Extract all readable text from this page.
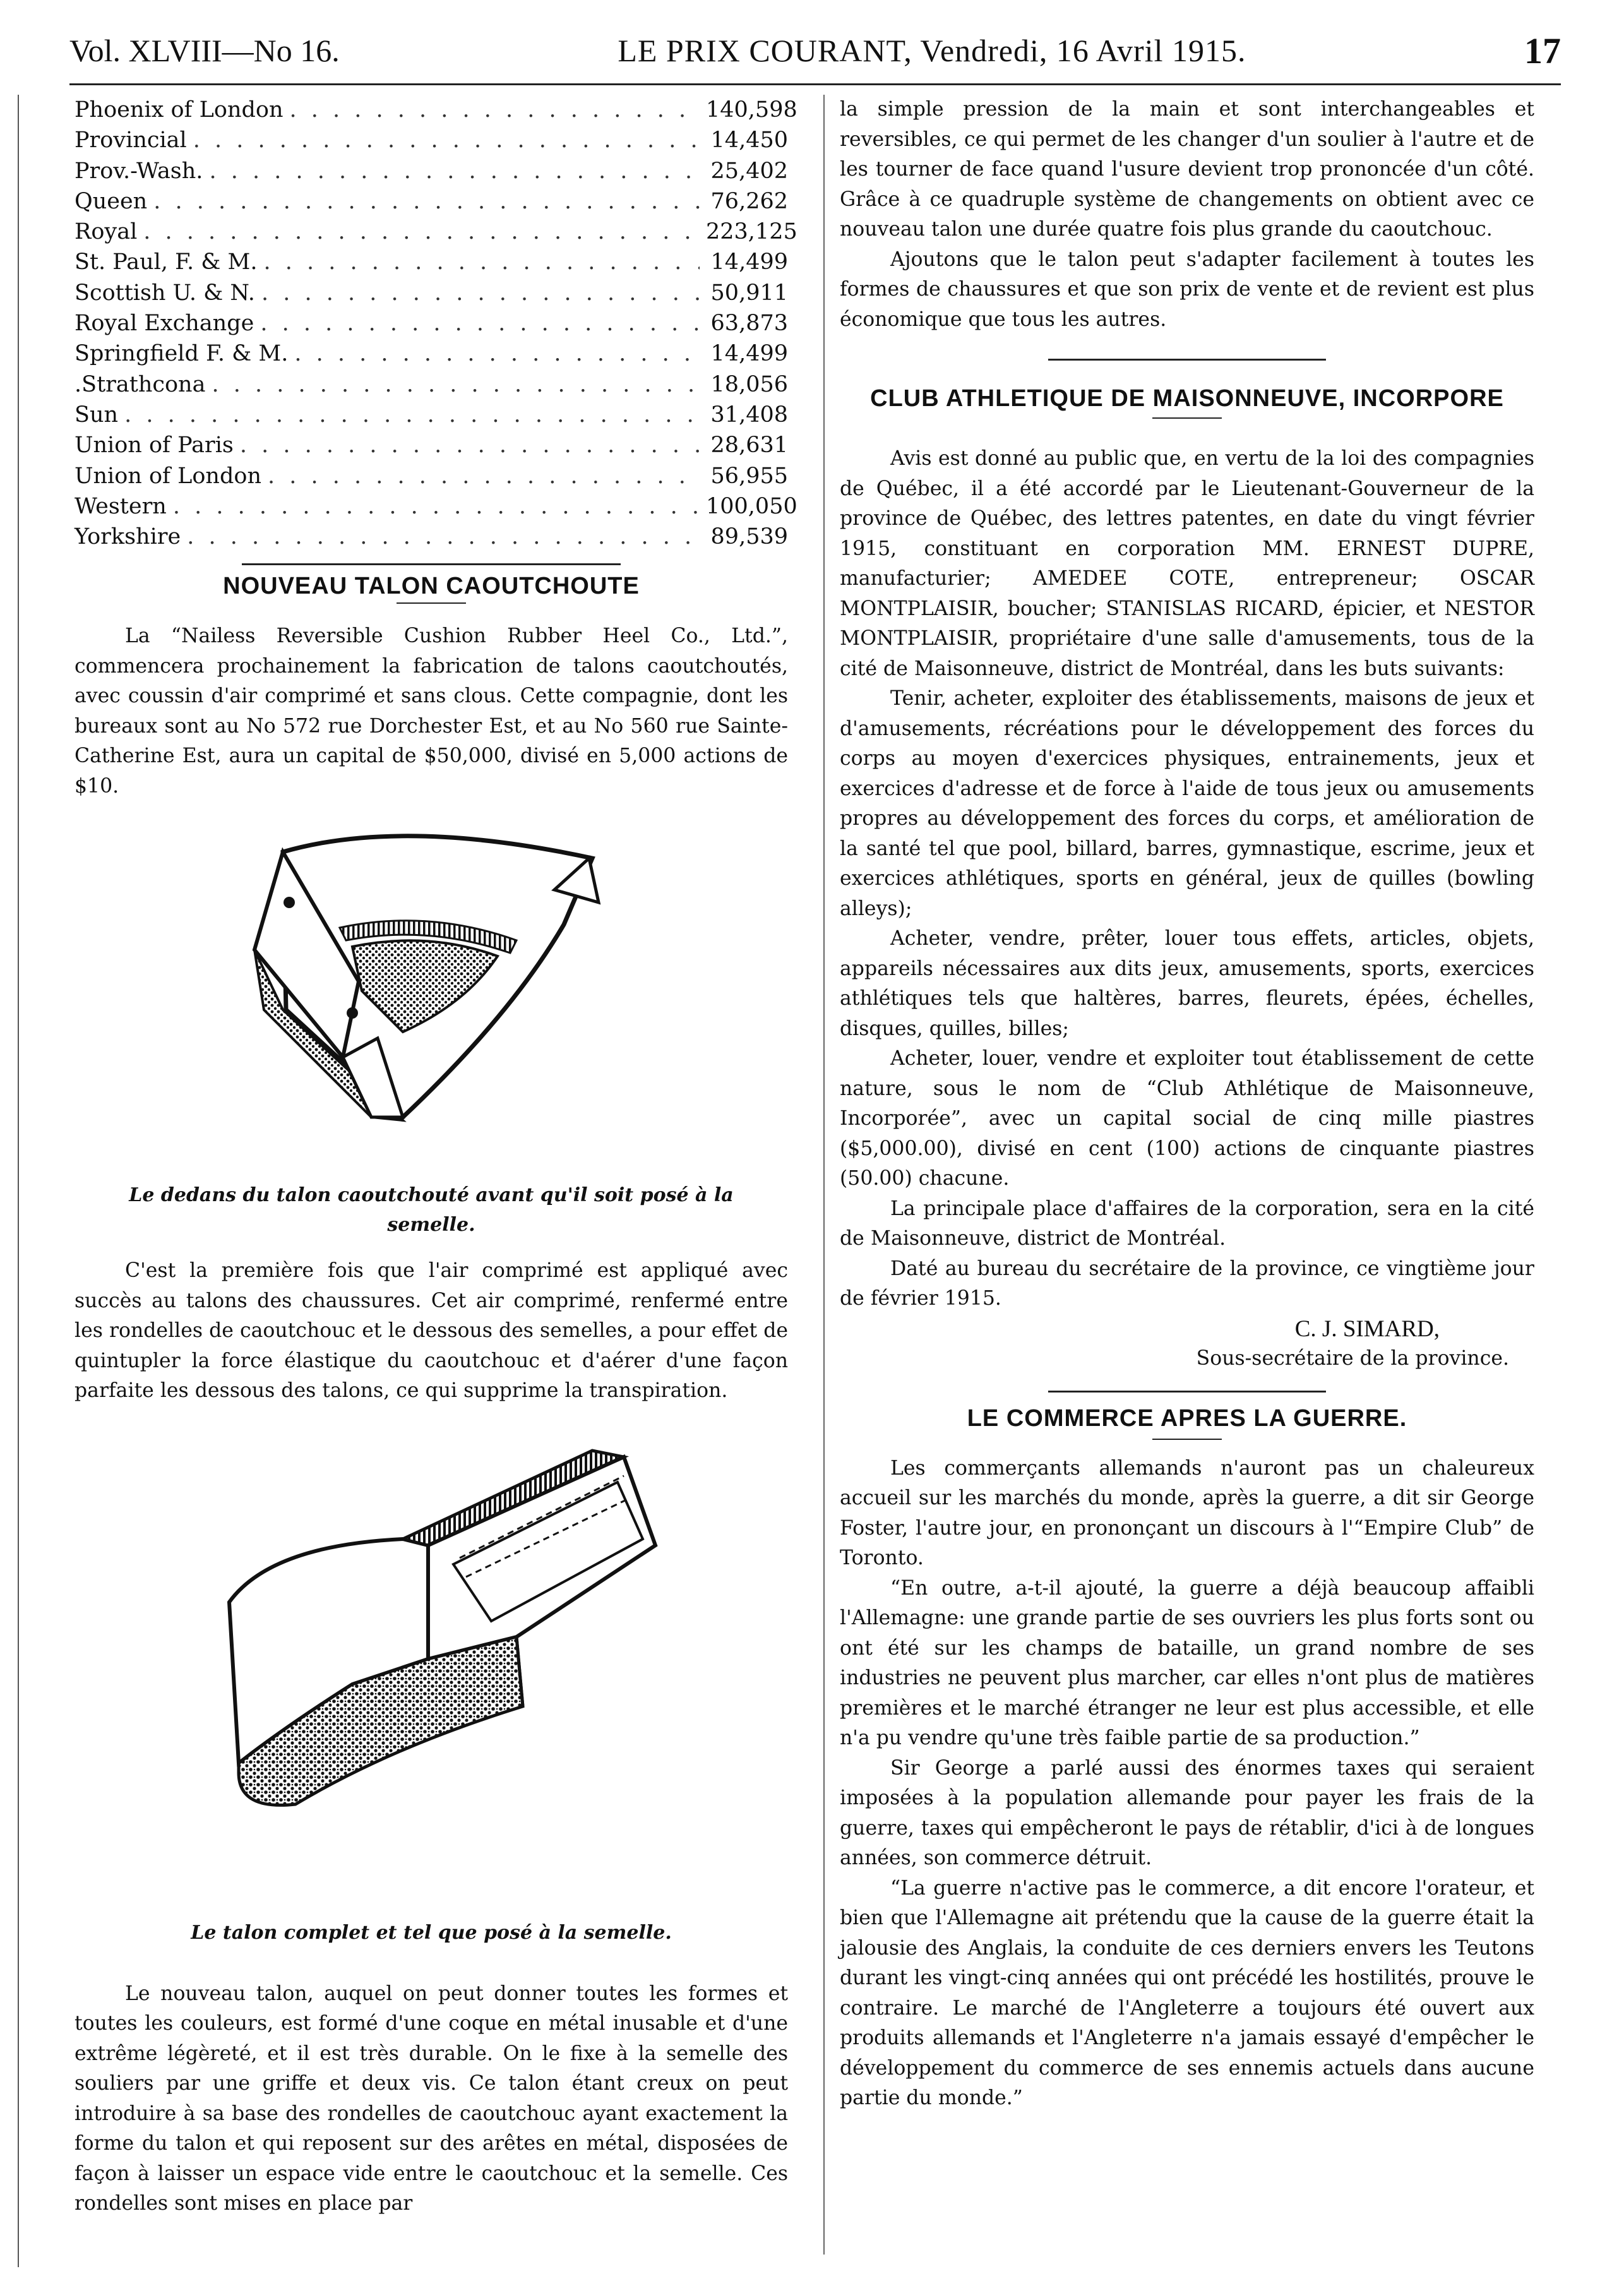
Vol. XLVIII—No 16.	LE PRIX COURANT, Vendredi, 16 Avril 1915.	17
Phoenix of London . . .	140,598
Provincial . . .	14,450
Prov.-Wash. . . .	25,402
Queen . . .	76,262
Royal . . .	223,125
St. Paul, F. & M. . . .	14,499
Scottish U. & N. . . .	50,911
Royal Exchange . . .	63,873
Springfield F. & M. . . .	14,499
.Strathcona . . .	18,056
Sun . . .	31,408
Union of Paris . . .	28,631
Union of London . . .	56,955
Western . . .	100,050
Yorkshire . . .	89,539
NOUVEAU TALON CAOUTCHOUTE

La “Nailess Reversible Cushion Rubber Heel Co., Ltd.”, commencera prochainement la fabrication de talons caoutchoutés, avec coussin d'air comprimé et sans clous. Cette compagnie, dont les bureaux sont au No 572 rue Dorchester Est, et au No 560 rue Sainte-Catherine Est, aura un capital de $50,000, divisé en 5,000 actions de $10.

Le dedans du talon caoutchouté avant qu'il soit posé à la semelle.

C'est la première fois que l'air comprimé est appliqué avec succès au talons des chaussures. Cet air comprimé, renfermé entre les rondelles de caoutchouc et le dessous des semelles, a pour effet de quintupler la force élastique du caoutchouc et d'aérer d'une façon parfaite les dessous des talons, ce qui supprime la transpiration.

Le talon complet et tel que posé à la semelle.

Le nouveau talon, auquel on peut donner toutes les formes et toutes les couleurs, est formé d'une coque en métal inusable et d'une extrême légèreté, et il est très durable. On le fixe à la semelle des souliers par une griffe et deux vis. Ce talon étant creux on peut introduire à sa base des rondelles de caoutchouc ayant exactement la forme du talon et qui reposent sur des arêtes en métal, disposées de façon à laisser un espace vide entre le caoutchouc et la semelle. Ces rondelles sont mises en place par

la simple pression de la main et sont interchangeables et reversibles, ce qui permet de les changer d'un soulier à l'autre et de les tourner de face quand l'usure devient trop prononcée d'un côté. Grâce à ce quadruple système de changements on obtient avec ce nouveau talon une durée quatre fois plus grande du caoutchouc.

Ajoutons que le talon peut s'adapter facilement à toutes les formes de chaussures et que son prix de vente et de revient est plus économique que tous les autres.

CLUB ATHLETIQUE DE MAISONNEUVE, INCORPORE

Avis est donné au public que, en vertu de la loi des compagnies de Québec, il a été accordé par le Lieutenant-Gouverneur de la province de Québec, des lettres patentes, en date du vingt février 1915, constituant en corporation MM. ERNEST DUPRE, manufacturier; AMEDEE COTE, entrepreneur; OSCAR MONTPLAISIR, boucher; STANISLAS RICARD, épicier, et NESTOR MONTPLAISIR, propriétaire d'une salle d'amusements, tous de la cité de Maisonneuve, district de Montréal, dans les buts suivants:

Tenir, acheter, exploiter des établissements, maisons de jeux et d'amusements, récréations pour le développement des forces du corps au moyen d'exercices physiques, entrainements, jeux et exercices d'adresse et de force à l'aide de tous jeux ou amusements propres au développement des forces du corps, et amélioration de la santé tel que pool, billard, barres, gymnastique, escrime, jeux et exercices athlétiques, sports en général, jeux de quilles (bowling alleys);

Acheter, vendre, prêter, louer tous effets, articles, objets, appareils nécessaires aux dits jeux, amusements, sports, exercices athlétiques tels que haltères, barres, fleurets, épées, échelles, disques, quilles, billes;

Acheter, louer, vendre et exploiter tout établissement de cette nature, sous le nom de “Club Athlétique de Maisonneuve, Incorporée”, avec un capital social de cinq mille piastres ($5,000.00), divisé en cent (100) actions de cinquante piastres (50.00) chacune.

La principale place d'affaires de la corporation, sera en la cité de Maisonneuve, district de Montréal.

Daté au bureau du secrétaire de la province, ce vingtième jour de février 1915.

C. J. SIMARD,
Sous-secrétaire de la province.
LE COMMERCE APRES LA GUERRE.

Les commerçants allemands n'auront pas un chaleureux accueil sur les marchés du monde, après la guerre, a dit sir George Foster, l'autre jour, en prononçant un discours à l'“Empire Club” de Toronto.

“En outre, a-t-il ajouté, la guerre a déjà beaucoup affaibli l'Allemagne: une grande partie de ses ouvriers les plus forts sont ou ont été sur les champs de bataille, un grand nombre de ses industries ne peuvent plus marcher, car elles n'ont plus de matières premières et le marché étranger ne leur est plus accessible, et elle n'a pu vendre qu'une très faible partie de sa production.”

Sir George a parlé aussi des énormes taxes qui seraient imposées à la population allemande pour payer les frais de la guerre, taxes qui empêcheront le pays de rétablir, d'ici à de longues années, son commerce détruit.

“La guerre n'active pas le commerce, a dit encore l'orateur, et bien que l'Allemagne ait prétendu que la cause de la guerre était la jalousie des Anglais, la conduite de ces derniers envers les Teutons durant les vingt-cinq années qui ont précédé les hostilités, prouve le contraire. Le marché de l'Angleterre a toujours été ouvert aux produits allemands et l'Angleterre n'a jamais essayé d'empêcher le développement du commerce de ses ennemis actuels dans aucune partie du monde.”
